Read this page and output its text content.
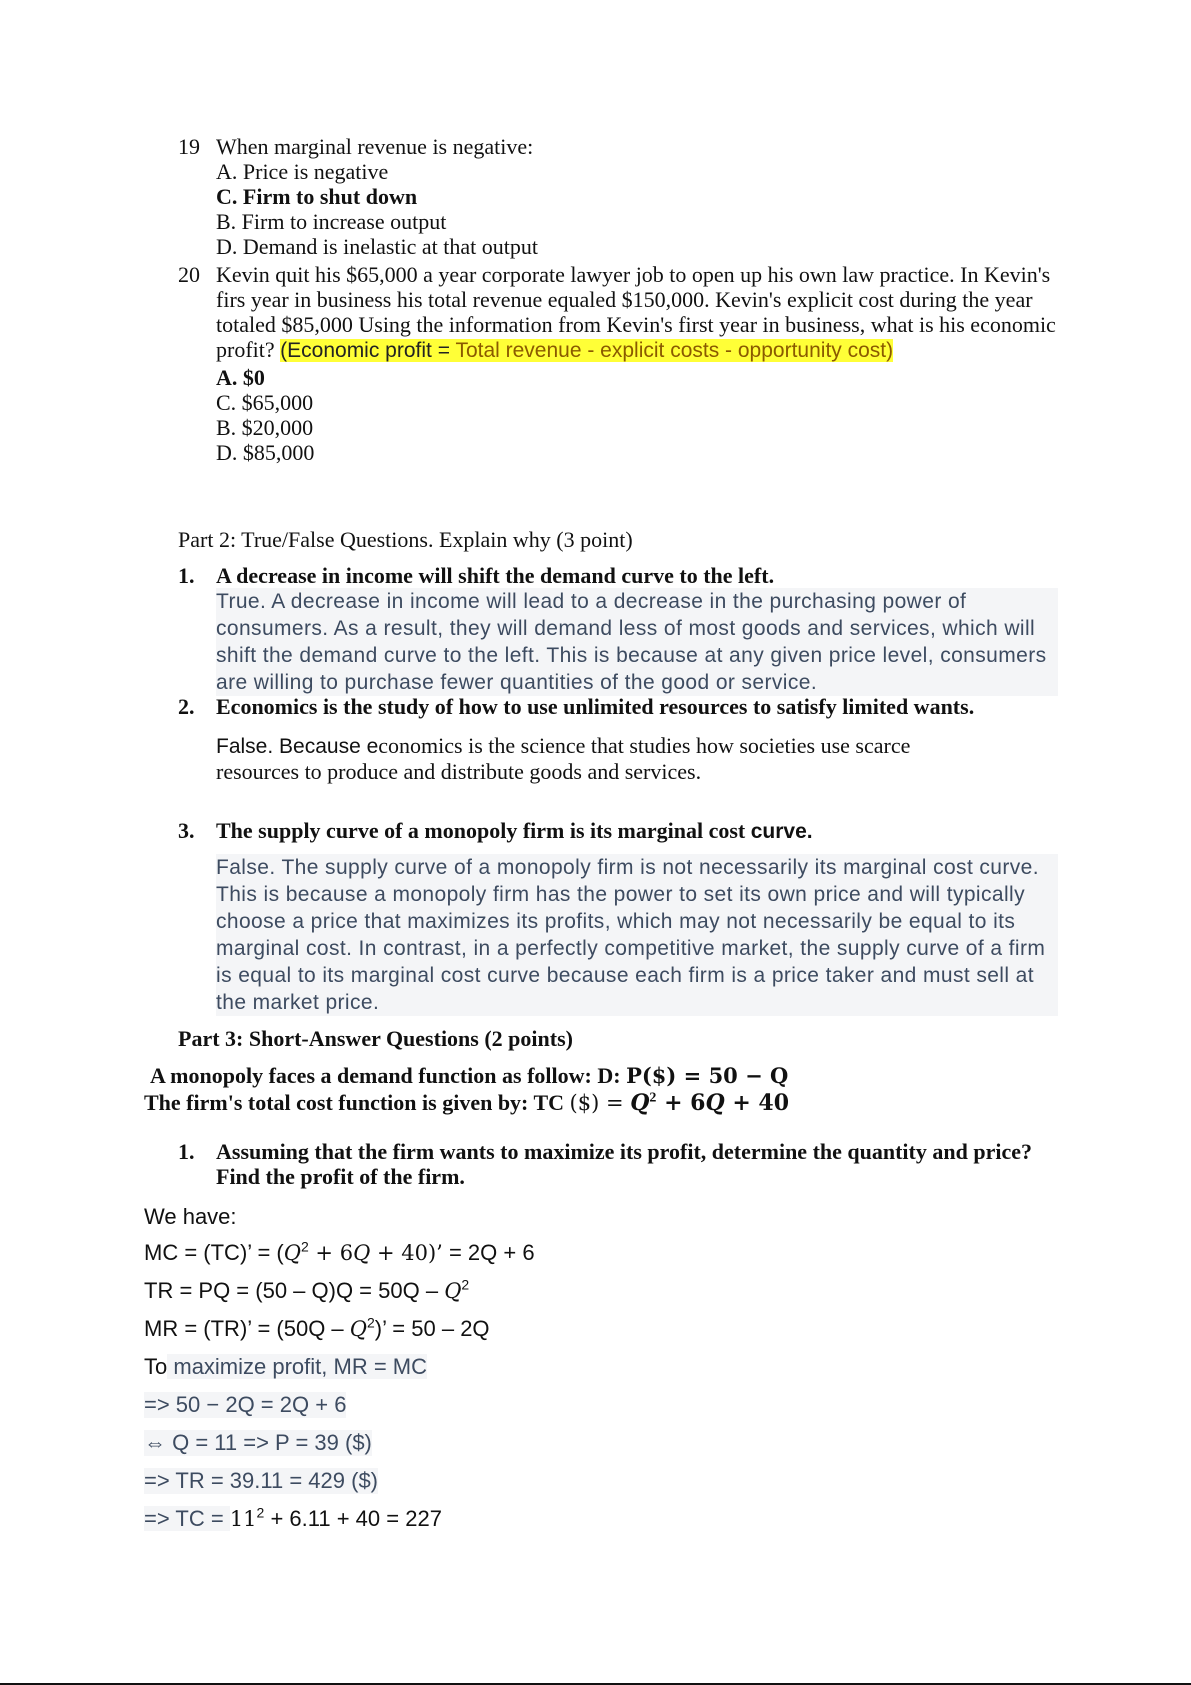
19 When marginal revenue is negative:
A. Price is negative
C. Firm to shut down
B. Firm to increase output
D. Demand is inelastic at that output
20 Kevin quit his $65,000 a year corporate lawyer job to open up his own law practice. In Kevin's firs year in business his total revenue equaled $150,000. Kevin's explicit cost during the year totaled $85,000 Using the information from Kevin's first year in business, what is his economic profit? (Economic profit = Total revenue - explicit costs - opportunity cost)
A. $0
C. $65,000
B. $20,000
D. $85,000
Part 2: True/False Questions. Explain why (3 point)
1. A decrease in income will shift the demand curve to the left.
True. A decrease in income will lead to a decrease in the purchasing power of consumers. As a result, they will demand less of most goods and services, which will shift the demand curve to the left. This is because at any given price level, consumers are willing to purchase fewer quantities of the good or service.
2. Economics is the study of how to use unlimited resources to satisfy limited wants.
False. Because economics is the science that studies how societies use scarce resources to produce and distribute goods and services.
3. The supply curve of a monopoly firm is its marginal cost curve.
False. The supply curve of a monopoly firm is not necessarily its marginal cost curve. This is because a monopoly firm has the power to set its own price and will typically choose a price that maximizes its profits, which may not necessarily be equal to its marginal cost. In contrast, in a perfectly competitive market, the supply curve of a firm is equal to its marginal cost curve because each firm is a price taker and must sell at the market price.
Part 3: Short-Answer Questions (2 points)
A monopoly faces a demand function as follow: D: P($) = 50 − Q
The firm's total cost function is given by: TC ($) = $Q^2 + 6Q + 40$
1. Assuming that the firm wants to maximize its profit, determine the quantity and price? Find the profit of the firm.
We have:
MC = (TC)’ = $(Q^2 + 6Q + 40)$’ = 2Q + 6
TR = PQ = $(50 - Q)Q = 50Q - Q^2$
MR = (TR)’ = $(50Q - Q^2)$’ = 50 – 2Q
To maximize profit, MR = MC
=> 50 − 2Q = 2Q + 6
⇔ Q = 11 => P = 39 ($)
=> TR = 39.11 = 429 ($)
=> TC = $11^2 + 6.11 + 40 = 227$
